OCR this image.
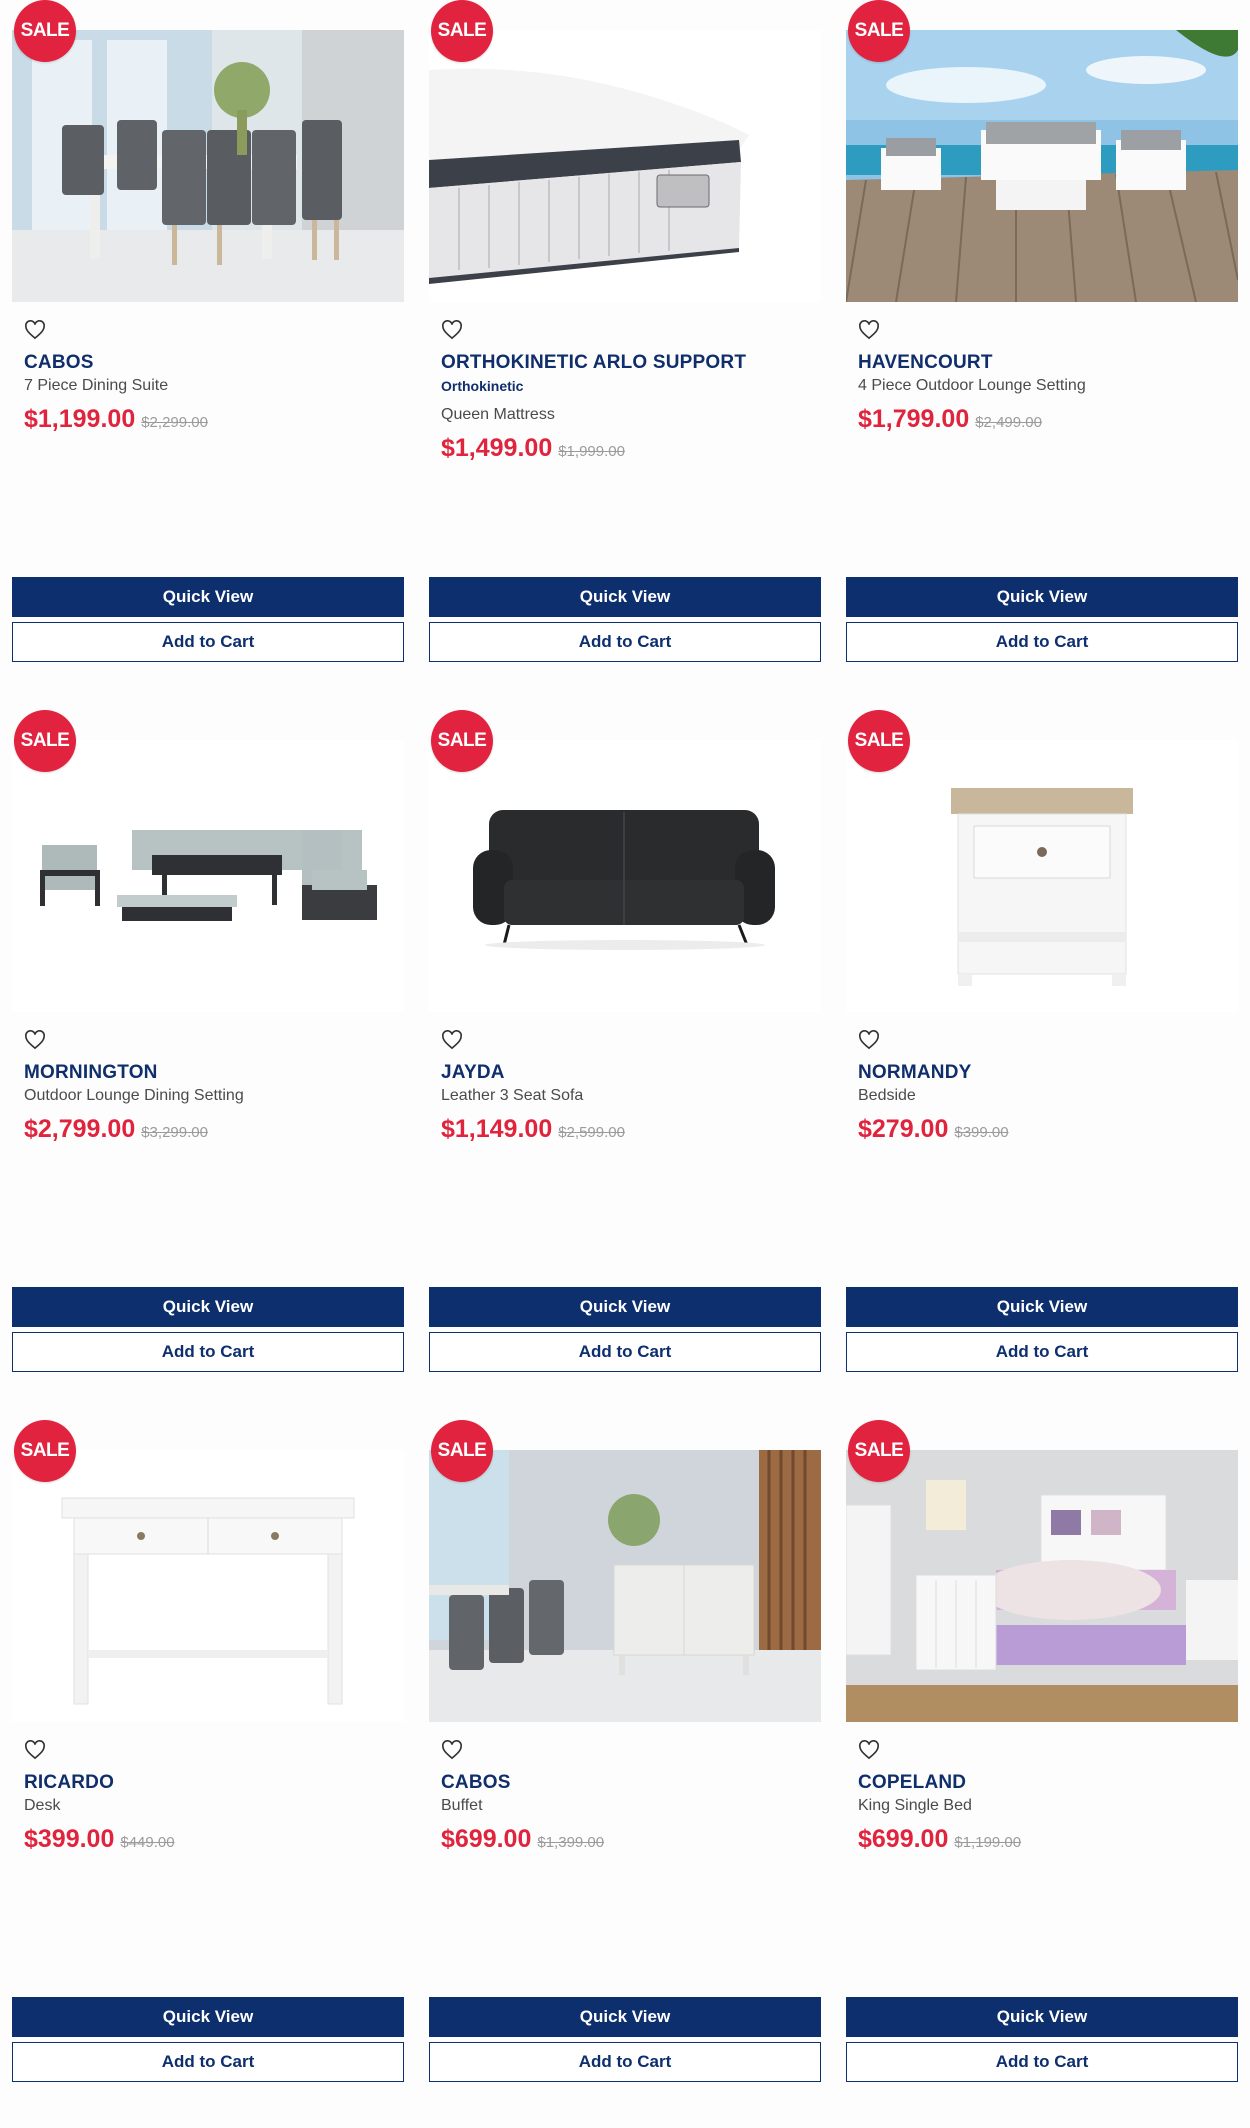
SALE
CABOS
7 Piece Dining Suite
$1,199.00 $2,299.00
Quick View
Add to Cart
SALE
ORTHOKINETIC ARLO SUPPORT
Orthokinetic
Queen Mattress
$1,499.00 $1,999.00
Quick View
Add to Cart
SALE
HAVENCOURT
4 Piece Outdoor Lounge Setting
$1,799.00 $2,499.00
Quick View
Add to Cart
SALE
MORNINGTON
Outdoor Lounge Dining Setting
$2,799.00 $3,299.00
Quick View
Add to Cart
SALE
JAYDA
Leather 3 Seat Sofa
$1,149.00 $2,599.00
Quick View
Add to Cart
SALE
NORMANDY
Bedside
$279.00 $399.00
Quick View
Add to Cart
SALE
RICARDO
Desk
$399.00 $449.00
Quick View
Add to Cart
SALE
CABOS
Buffet
$699.00 $1,399.00
Quick View
Add to Cart
SALE
COPELAND
King Single Bed
$699.00 $1,199.00
Quick View
Add to Cart
